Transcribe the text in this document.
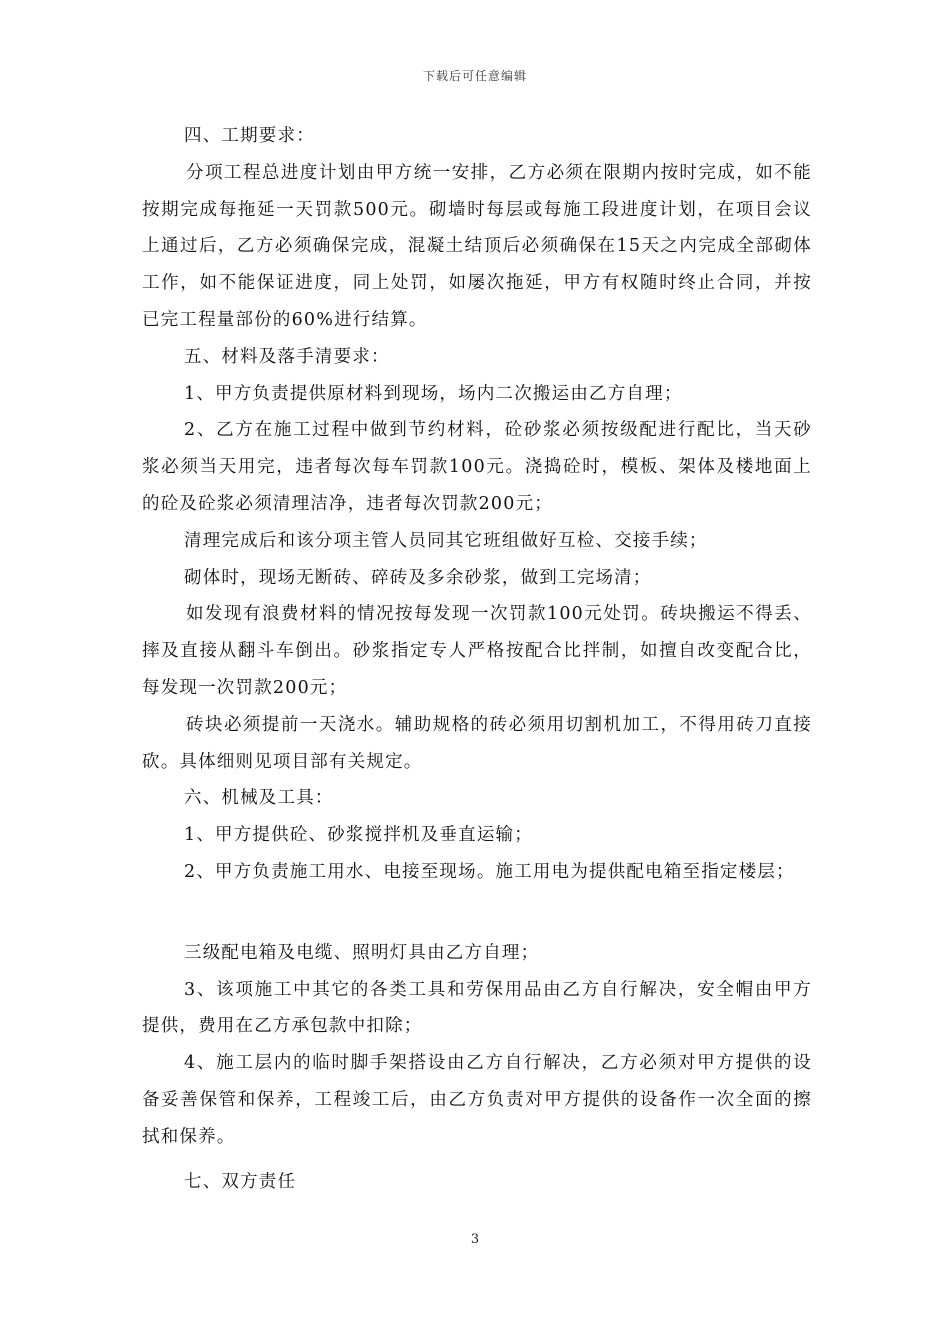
下载后可任意编辑

四、工期要求：

分项工程总进度计划由甲方统一安排，乙方必须在限期内按时完成，如不能按期完成每拖延一天罚款500元。砌墙时每层或每施工段进度计划，在项目会议上通过后，乙方必须确保完成，混凝土结顶后必须确保在15天之内完成全部砌体工作，如不能保证进度，同上处罚，如屡次拖延，甲方有权随时终止合同，并按已完工程量部份的60%进行结算。

五、材料及落手清要求：

1、甲方负责提供原材料到现场，场内二次搬运由乙方自理；

2、乙方在施工过程中做到节约材料，砼砂浆必须按级配进行配比，当天砂浆必须当天用完，违者每次每车罚款100元。浇捣砼时，模板、架体及楼地面上的砼及砼浆必须清理洁净，违者每次罚款200元；

清理完成后和该分项主管人员同其它班组做好互检、交接手续；

砌体时，现场无断砖、碎砖及多余砂浆，做到工完场清；

如发现有浪费材料的情况按每发现一次罚款100元处罚。砖块搬运不得丢、摔及直接从翻斗车倒出。砂浆指定专人严格按配合比拌制，如擅自改变配合比，每发现一次罚款200元；

砖块必须提前一天浇水。辅助规格的砖必须用切割机加工，不得用砖刀直接砍。具体细则见项目部有关规定。

六、机械及工具：

1、甲方提供砼、砂浆搅拌机及垂直运输；

2、甲方负责施工用水、电接至现场。施工用电为提供配电箱至指定楼层；

三级配电箱及电缆、照明灯具由乙方自理；

3、该项施工中其它的各类工具和劳保用品由乙方自行解决，安全帽由甲方提供，费用在乙方承包款中扣除；

4、施工层内的临时脚手架搭设由乙方自行解决，乙方必须对甲方提供的设备妥善保管和保养，工程竣工后，由乙方负责对甲方提供的设备作一次全面的擦拭和保养。

七、双方责任

3
